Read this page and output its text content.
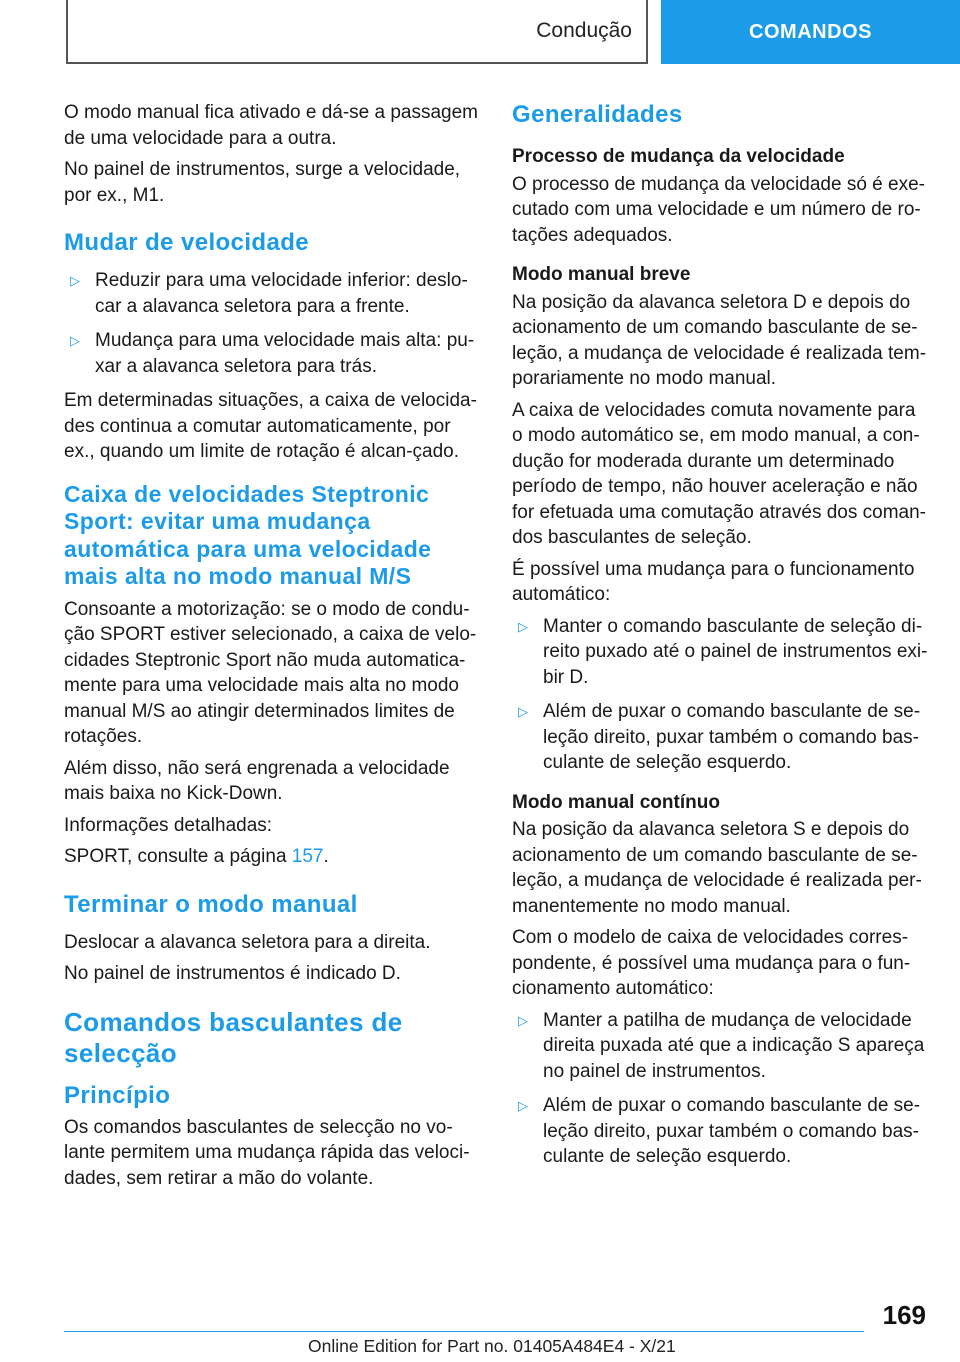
Condução	COMANDOS

O modo manual fica ativado e dá-se a passagem de uma velocidade para a outra.

No painel de instrumentos, surge a velocidade, por ex., M1.

Mudar de velocidade
▷ Reduzir para uma velocidade inferior: deslo-car a alavanca seletora para a frente.
▷ Mudança para uma velocidade mais alta: pu-xar a alavanca seletora para trás.

Em determinadas situações, a caixa de velocida-des continua a comutar automaticamente, por ex., quando um limite de rotação é alcan-çado.

Caixa de velocidades Steptronic Sport: evitar uma mudança automática para uma velocidade mais alta no modo manual M/S

Consoante a motorização: se o modo de condu-ção SPORT estiver selecionado, a caixa de velo-cidades Steptronic Sport não muda automatica-mente para uma velocidade mais alta no modo manual M/S ao atingir determinados limites de rotações.

Além disso, não será engrenada a velocidade mais baixa no Kick-Down.

Informações detalhadas:

SPORT, consulte a página 157.

Terminar o modo manual

Deslocar a alavanca seletora para a direita.

No painel de instrumentos é indicado D.

Comandos basculantes de selecção
Princípio

Os comandos basculantes de selecção no vo-lante permitem uma mudança rápida das veloci-dades, sem retirar a mão do volante.

Generalidades
Processo de mudança da velocidade

O processo de mudança da velocidade só é exe-cutado com uma velocidade e um número de ro-tações adequados.

Modo manual breve

Na posição da alavanca seletora D e depois do acionamento de um comando basculante de se-leção, a mudança de velocidade é realizada tem-porariamente no modo manual.

A caixa de velocidades comuta novamente para o modo automático se, em modo manual, a con-dução for moderada durante um determinado período de tempo, não houver aceleração e não for efetuada uma comutação através dos coman-dos basculantes de seleção.

É possível uma mudança para o funcionamento automático:

▷ Manter o comando basculante de seleção di-reito puxado até o painel de instrumentos exi-bir D.
▷ Além de puxar o comando basculante de se-leção direito, puxar também o comando bas-culante de seleção esquerdo.
Modo manual contínuo

Na posição da alavanca seletora S e depois do acionamento de um comando basculante de se-leção, a mudança de velocidade é realizada per-manentemente no modo manual.

Com o modelo de caixa de velocidades corres-pondente, é possível uma mudança para o fun-cionamento automático:

▷ Manter a patilha de mudança de velocidade direita puxada até que a indicação S apareça no painel de instrumentos.
▷ Além de puxar o comando basculante de se-leção direito, puxar também o comando bas-culante de seleção esquerdo.
169
Online Edition for Part no. 01405A484E4 - X/21
